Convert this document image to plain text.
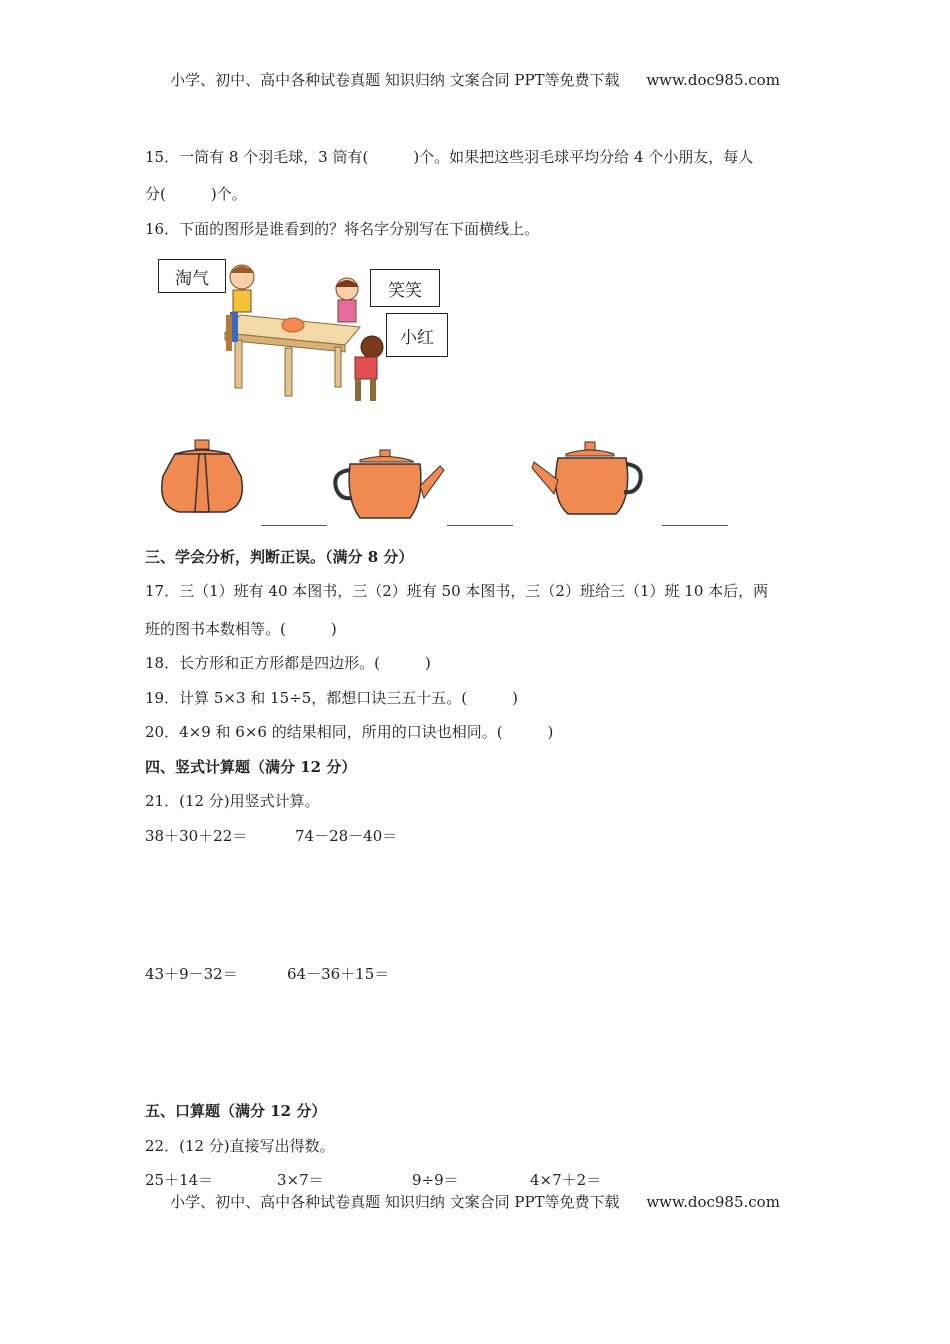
小学、初中、高中各种试卷真题 知识归纳 文案合同 PPT等免费下载 www.doc985.com
15．一筒有 8 个羽毛球，3 筒有(　　　)个。如果把这些羽毛球平均分给 4 个小朋友，每人
分(　　　)个。
16．下面的图形是谁看到的？将名字分别写在下面横线上。
淘气
笑笑
小红
三、学会分析，判断正误。（满分 8 分）
17．三（1）班有 40 本图书，三（2）班有 50 本图书，三（2）班给三（1）班 10 本后，两
班的图书本数相等。(　　　)
18．长方形和正方形都是四边形。(　　　)
19．计算 5×3 和 15÷5，都想口诀三五十五。(　　　)
20．4×9 和 6×6 的结果相同，所用的口诀也相同。(　　　)
四、竖式计算题（满分 12 分）
21．(12 分)用竖式计算。
38＋30＋22＝	74－28－40＝
43＋9－32＝	64－36＋15＝
五、口算题（满分 12 分）
22．(12 分)直接写出得数。
25＋14＝	3×7＝	9÷9＝	4×7＋2＝
小学、初中、高中各种试卷真题 知识归纳 文案合同 PPT等免费下载 www.doc985.com
